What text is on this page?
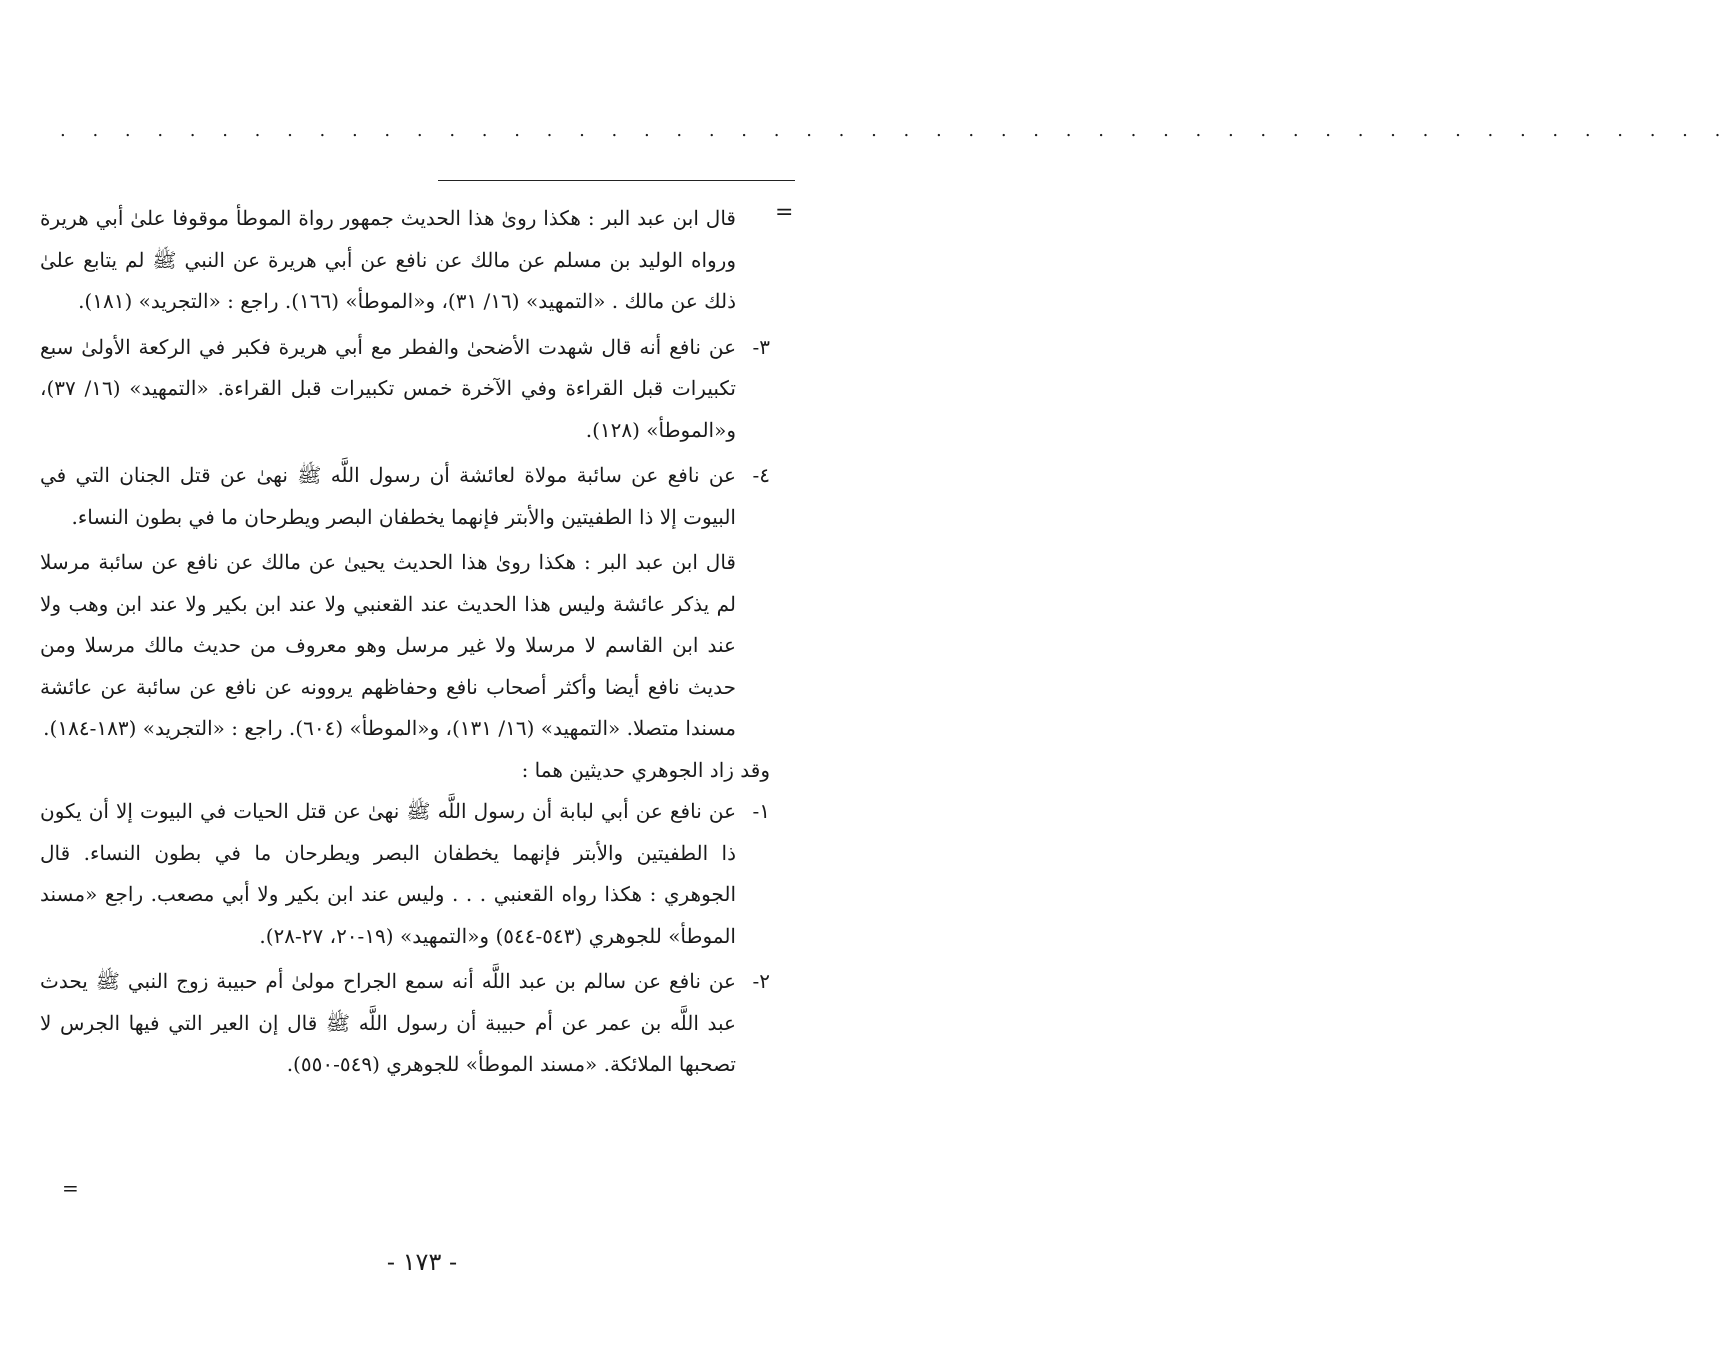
. . . . . . . . . . . . . . . . . . . . . . . . . . . . . . . . . . . . . . . . . . . . . . . . . . . .
=

قال ابن عبد البر : هكذا روىٰ هذا الحديث جمهور رواة الموطأ موقوفا علىٰ أبي هريرة ورواه الوليد بن مسلم عن مالك عن نافع عن أبي هريرة عن النبي ﷺ لم يتابع علىٰ ذلك عن مالك . «التمهيد» (١٦/ ٣١)، و«الموطأ» (١٦٦). راجع : «التجريد» (١٨١).

٣-

عن نافع أنه قال شهدت الأضحىٰ والفطر مع أبي هريرة فكبر في الركعة الأولىٰ سبع تكبيرات قبل القراءة وفي الآخرة خمس تكبيرات قبل القراءة. «التمهيد» (١٦/ ٣٧)، و«الموطأ» (١٢٨).

٤-

عن نافع عن سائبة مولاة لعائشة أن رسول اللَّه ﷺ نهىٰ عن قتل الجنان التي في البيوت إلا ذا الطفيتين والأبتر فإنهما يخطفان البصر ويطرحان ما في بطون النساء.

قال ابن عبد البر : هكذا روىٰ هذا الحديث يحيىٰ عن مالك عن نافع عن سائبة مرسلا لم يذكر عائشة وليس هذا الحديث عند القعنبي ولا عند ابن بكير ولا عند ابن وهب ولا عند ابن القاسم لا مرسلا ولا غير مرسل وهو معروف من حديث مالك مرسلا ومن حديث نافع أيضا وأكثر أصحاب نافع وحفاظهم يروونه عن نافع عن سائبة عن عائشة مسندا متصلا. «التمهيد» (١٦/ ١٣١)، و«الموطأ» (٦٠٤). راجع : «التجريد» (١٨٣-١٨٤).

وقد زاد الجوهري حديثين هما :

١-

عن نافع عن أبي لبابة أن رسول اللَّه ﷺ نهىٰ عن قتل الحيات في البيوت إلا أن يكون ذا الطفيتين والأبتر فإنهما يخطفان البصر ويطرحان ما في بطون النساء. قال الجوهري : هكذا رواه القعنبي . . . وليس عند ابن بكير ولا أبي مصعب. راجع «مسند الموطأ» للجوهري (٥٤٣-٥٤٤) و«التمهيد» (١٩-٢٠، ٢٧-٢٨).

٢-

عن نافع عن سالم بن عبد اللَّه أنه سمع الجراح مولىٰ أم حبيبة زوج النبي ﷺ يحدث عبد اللَّه بن عمر عن أم حبيبة أن رسول اللَّه ﷺ قال إن العير التي فيها الجرس لا تصحبها الملائكة. «مسند الموطأ» للجوهري (٥٤٩-٥٥٠).

=
- ١٧٣ -
